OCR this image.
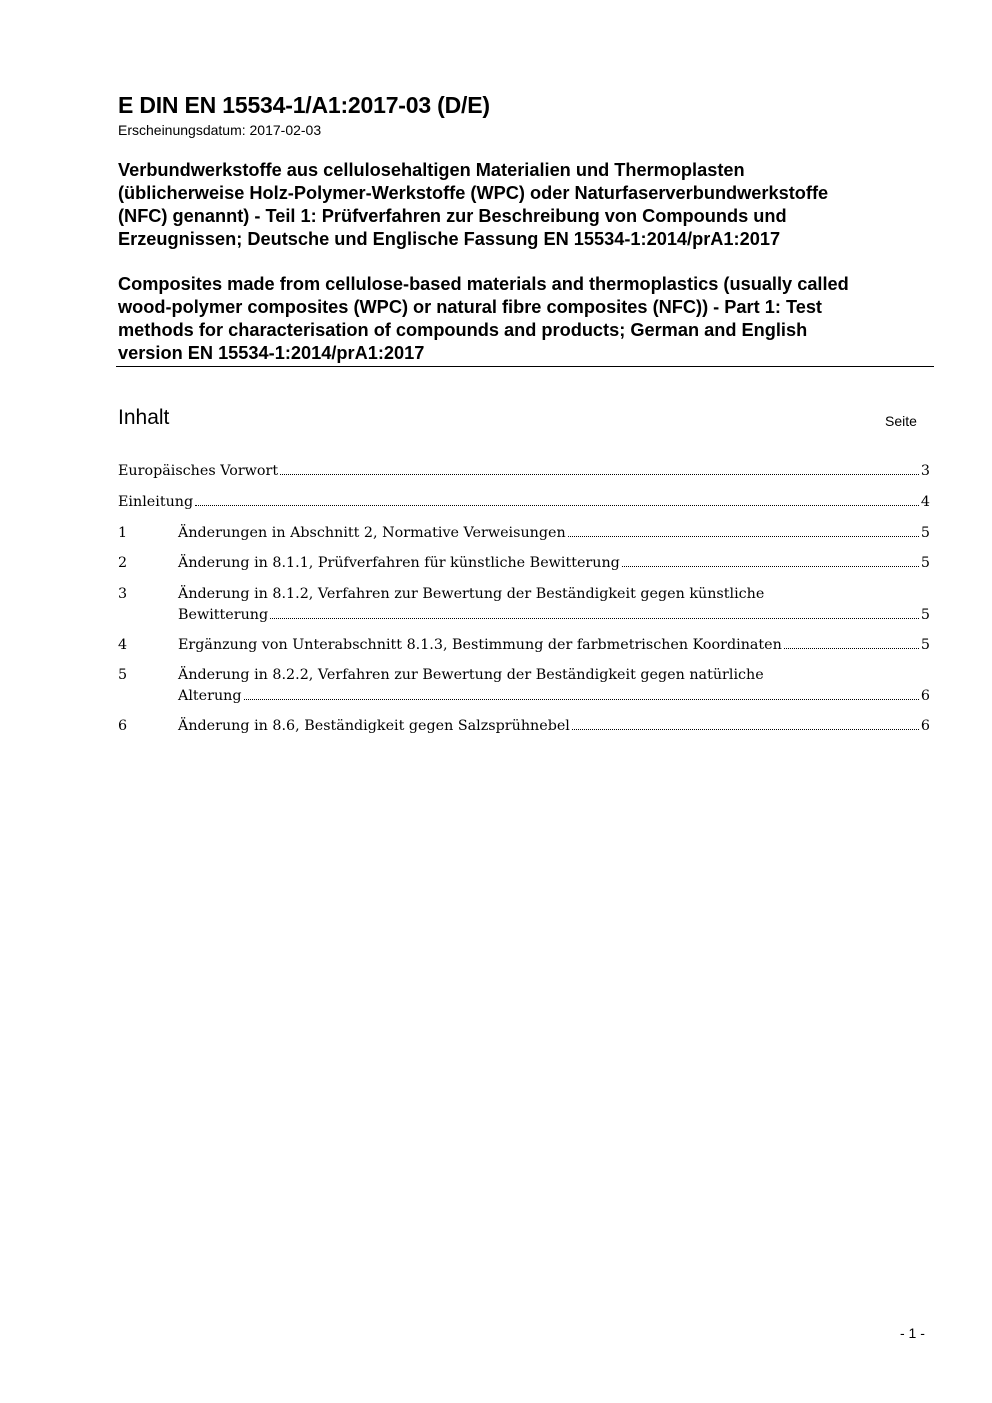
E DIN EN 15534-1/A1:2017-03 (D/E)
Erscheinungsdatum: 2017-02-03
Verbundwerkstoffe aus cellulosehaltigen Materialien und Thermoplasten
(üblicherweise Holz-Polymer-Werkstoffe (WPC) oder Naturfaserverbundwerkstoffe
(NFC) genannt) - Teil 1: Prüfverfahren zur Beschreibung von Compounds und
Erzeugnissen; Deutsche und Englische Fassung EN 15534-1:2014/prA1:2017
Composites made from cellulose-based materials and thermoplastics (usually called
wood-polymer composites (WPC) or natural fibre composites (NFC)) - Part 1: Test
methods for characterisation of compounds and products; German and English
version EN 15534-1:2014/prA1:2017
Inhalt	Seite
Europäisches Vorwort	3
Einleitung	4
1	Änderungen in Abschnitt 2, Normative Verweisungen	5
2	Änderung in 8.1.1, Prüfverfahren für künstliche Bewitterung	5
3	Änderung in 8.1.2, Verfahren zur Bewertung der Beständigkeit gegen künstliche
Bewitterung	5
4	Ergänzung von Unterabschnitt 8.1.3, Bestimmung der farbmetrischen Koordinaten	5
5	Änderung in 8.2.2, Verfahren zur Bewertung der Beständigkeit gegen natürliche
Alterung	6
6	Änderung in 8.6, Beständigkeit gegen Salzsprühnebel	6
- 1 -
